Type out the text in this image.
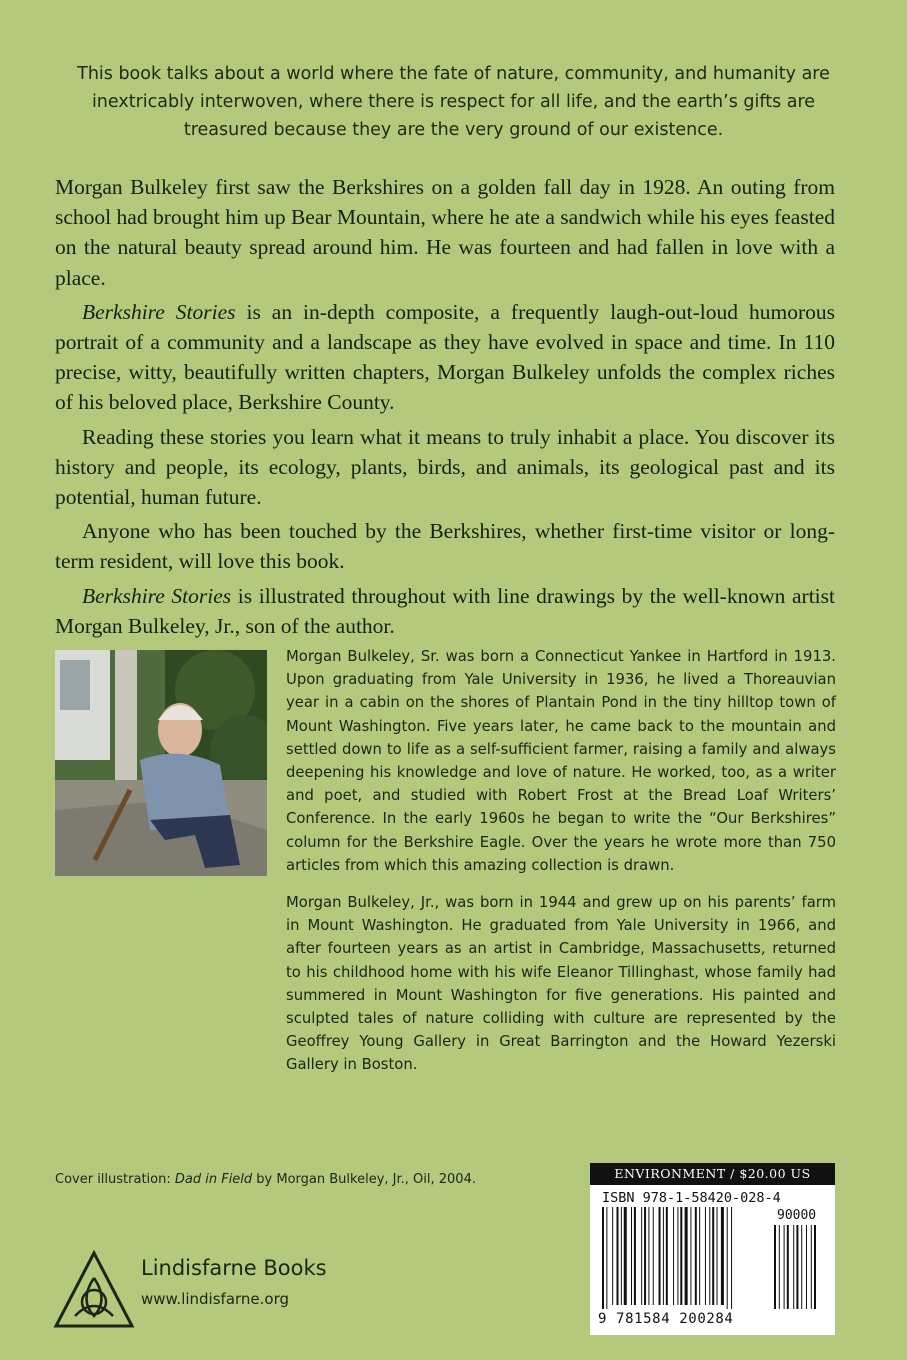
This book talks about a world where the fate of nature, community, and humanity are inextricably interwoven, where there is respect for all life, and the earth’s gifts are treasured because they are the very ground of our existence.

Morgan Bulkeley first saw the Berkshires on a golden fall day in 1928. An outing from school had brought him up Bear Mountain, where he ate a sandwich while his eyes feasted on the natural beauty spread around him. He was fourteen and had fallen in love with a place.

Berkshire Stories is an in-depth composite, a frequently laugh-out-loud humorous portrait of a community and a landscape as they have evolved in space and time. In 110 precise, witty, beautifully written chapters, Morgan Bulkeley unfolds the complex riches of his beloved place, Berkshire County.

Reading these stories you learn what it means to truly inhabit a place. You discover its history and people, its ecology, plants, birds, and animals, its geological past and its potential, human future.

Anyone who has been touched by the Berkshires, whether first-time visitor or long-term resident, will love this book.

Berkshire Stories is illustrated throughout with line drawings by the well-known artist Morgan Bulkeley, Jr., son of the author.

Morgan Bulkeley, Sr. was born a Connecticut Yankee in Hartford in 1913. Upon graduating from Yale University in 1936, he lived a Thoreauvian year in a cabin on the shores of Plantain Pond in the tiny hilltop town of Mount Washington. Five years later, he came back to the mountain and settled down to life as a self-sufficient farmer, raising a family and always deepening his knowledge and love of nature. He worked, too, as a writer and poet, and studied with Robert Frost at the Bread Loaf Writers’ Conference. In the early 1960s he began to write the “Our Berkshires” column for the Berkshire Eagle. Over the years he wrote more than 750 articles from which this amazing collection is drawn.

Morgan Bulkeley, Jr., was born in 1944 and grew up on his parents’ farm in Mount Washington. He graduated from Yale University in 1966, and after fourteen years as an artist in Cambridge, Massachusetts, returned to his childhood home with his wife Eleanor Tillinghast, whose family had summered in Mount Washington for five generations. His painted and sculpted tales of nature colliding with culture are represented by the Geoffrey Young Gallery in Great Barrington and the Howard Yezerski Gallery in Boston.

Cover illustration: Dad in Field by Morgan Bulkeley, Jr., Oil, 2004.
Lindisfarne Books
www.lindisfarne.org
ENVIRONMENT / $20.00 US
ISBN 978-1-58420-028-4
90000
9 781584 200284
